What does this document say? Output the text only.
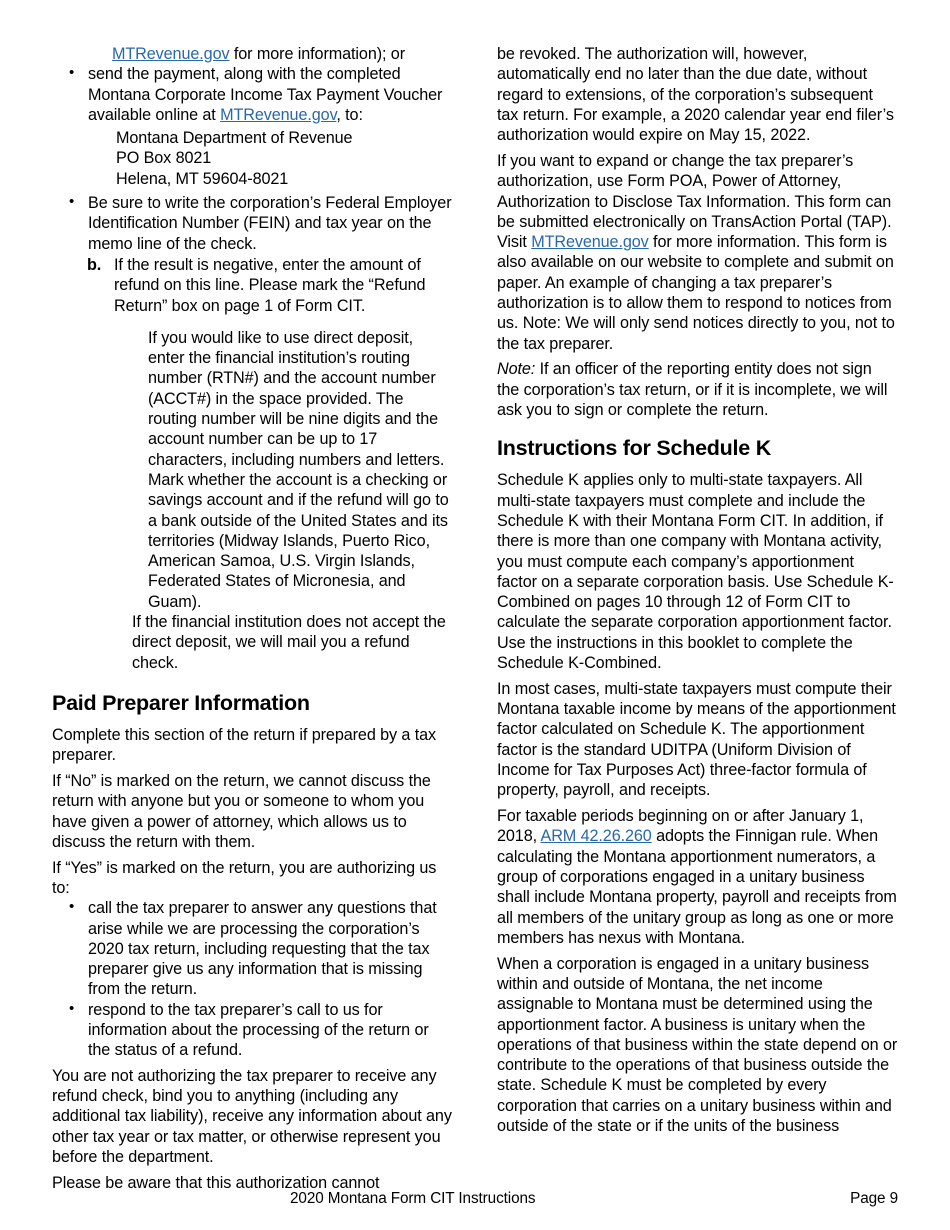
MTRevenue.gov for more information); or
• send the payment, along with the completed Montana Corporate Income Tax Payment Voucher available online at MTRevenue.gov, to:
Montana Department of Revenue
PO Box 8021
Helena, MT 59604-8021
• Be sure to write the corporation’s Federal Employer Identification Number (FEIN) and tax year on the memo line of the check.
b. If the result is negative, enter the amount of refund on this line. Please mark the “Refund Return” box on page 1 of Form CIT.
If you would like to use direct deposit, enter the financial institution’s routing number (RTN#) and the account number (ACCT#) in the space provided. The routing number will be nine digits and the account number can be up to 17 characters, including numbers and letters. Mark whether the account is a checking or savings account and if the refund will go to a bank outside of the United States and its territories (Midway Islands, Puerto Rico, American Samoa, U.S. Virgin Islands, Federated States of Micronesia, and Guam).
If the financial institution does not accept the direct deposit, we will mail you a refund check.
Paid Preparer Information

Complete this section of the return if prepared by a tax preparer.

If “No” is marked on the return, we cannot discuss the return with anyone but you or someone to whom you have given a power of attorney, which allows us to discuss the return with them.

If “Yes” is marked on the return, you are authorizing us to:

• call the tax preparer to answer any questions that arise while we are processing the corporation’s 2020 tax return, including requesting that the tax preparer give us any information that is missing from the return.
• respond to the tax preparer’s call to us for information about the processing of the return or the status of a refund.

You are not authorizing the tax preparer to receive any refund check, bind you to anything (including any additional tax liability), receive any information about any other tax year or tax matter, or otherwise represent you before the department.

Please be aware that this authorization cannot

be revoked. The authorization will, however, automatically end no later than the due date, without regard to extensions, of the corporation’s subsequent tax return. For example, a 2020 calendar year end filer’s authorization would expire on May 15, 2022.

If you want to expand or change the tax preparer’s authorization, use Form POA, Power of Attorney, Authorization to Disclose Tax Information. This form can be submitted electronically on TransAction Portal (TAP). Visit MTRevenue.gov for more information. This form is also available on our website to complete and submit on paper. An example of changing a tax preparer’s authorization is to allow them to respond to notices from us. Note: We will only send notices directly to you, not to the tax preparer.

Note: If an officer of the reporting entity does not sign the corporation’s tax return, or if it is incomplete, we will ask you to sign or complete the return.

Instructions for Schedule K

Schedule K applies only to multi-state taxpayers. All multi-state taxpayers must complete and include the Schedule K with their Montana Form CIT. In addition, if there is more than one company with Montana activity, you must compute each company’s apportionment factor on a separate corporation basis. Use Schedule K-Combined on pages 10 through 12 of Form CIT to calculate the separate corporation apportionment factor. Use the instructions in this booklet to complete the Schedule K-Combined.

In most cases, multi-state taxpayers must compute their Montana taxable income by means of the apportionment factor calculated on Schedule K. The apportionment factor is the standard UDITPA (Uniform Division of Income for Tax Purposes Act) three-factor formula of property, payroll, and receipts.

For taxable periods beginning on or after January 1, 2018, ARM 42.26.260 adopts the Finnigan rule. When calculating the Montana apportionment numerators, a group of corporations engaged in a unitary business shall include Montana property, payroll and receipts from all members of the unitary group as long as one or more members has nexus with Montana.

When a corporation is engaged in a unitary business within and outside of Montana, the net income assignable to Montana must be determined using the apportionment factor. A business is unitary when the operations of that business within the state depend on or contribute to the operations of that business outside the state. Schedule K must be completed by every corporation that carries on a unitary business within and outside of the state or if the units of the business

2020 Montana Form CIT Instructions	Page 9
